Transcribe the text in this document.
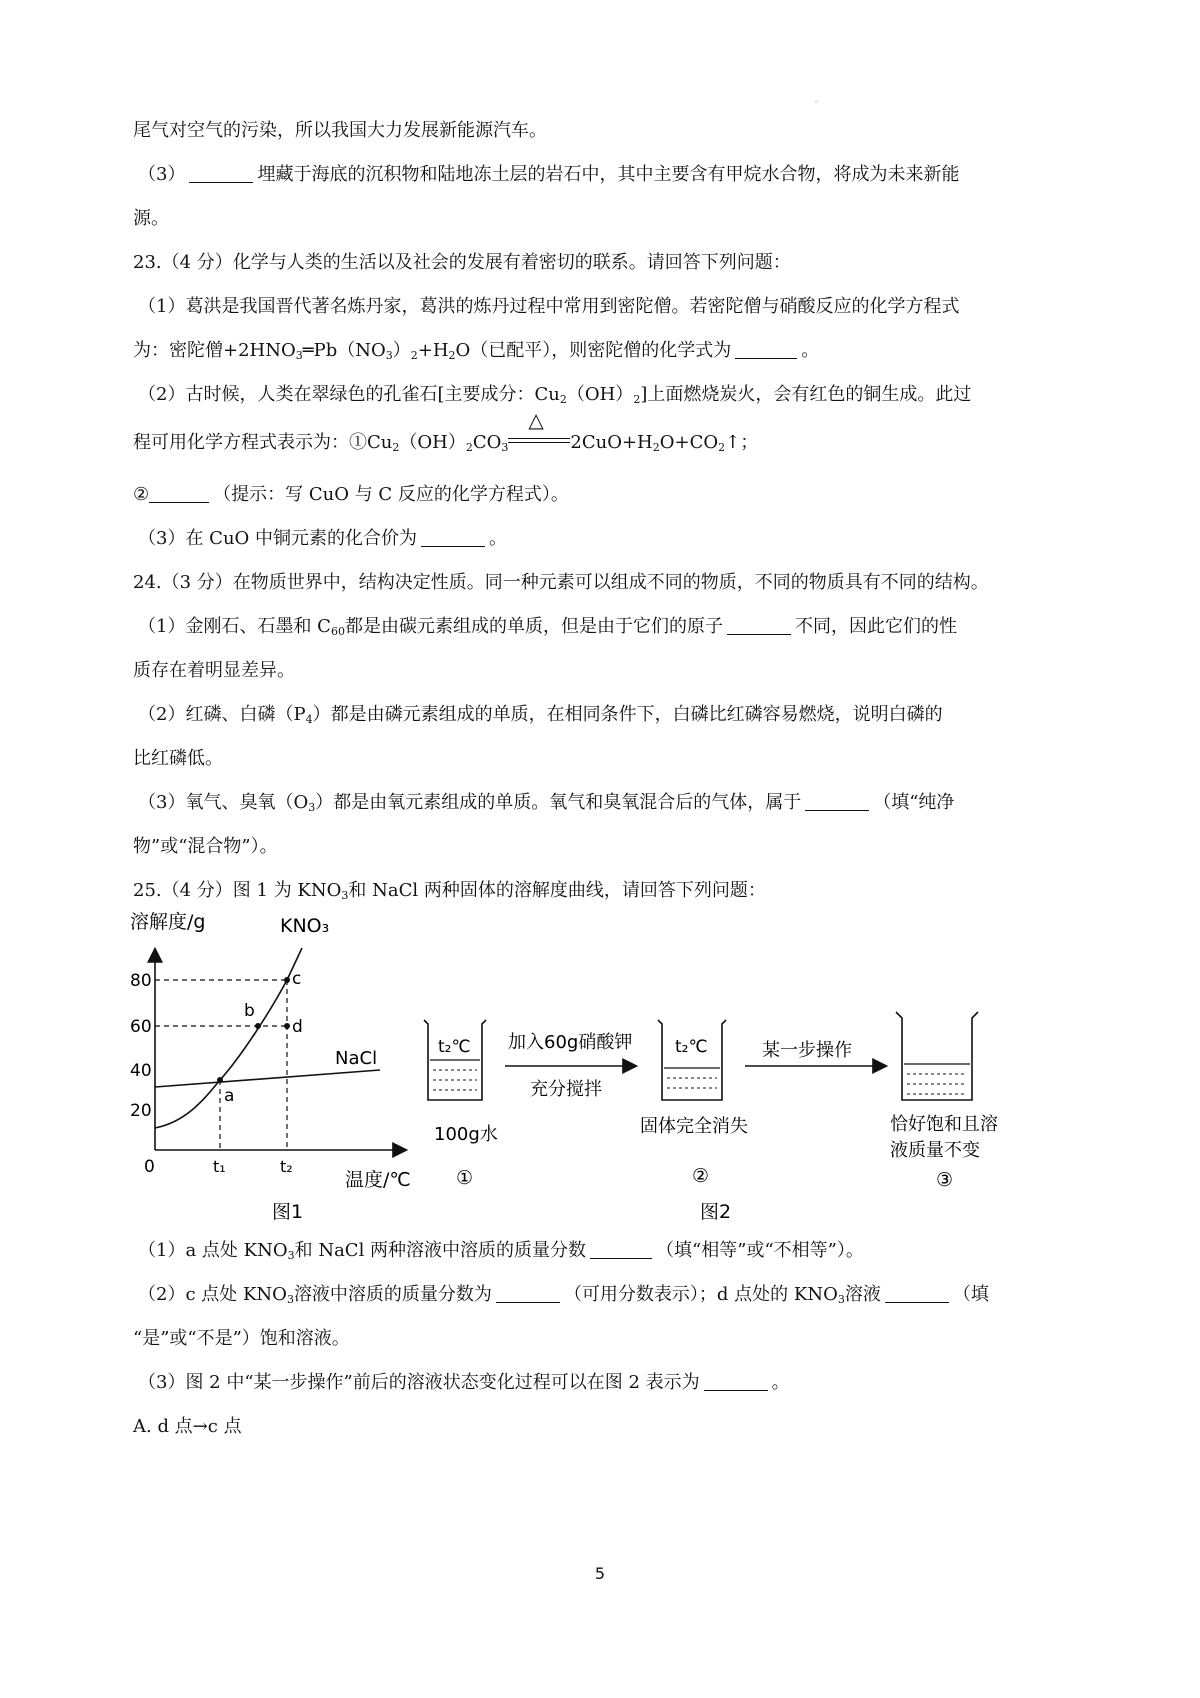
。
尾气对空气的污染，所以我国大力发展新能源汽车。
（3）	埋藏于海底的沉积物和陆地冻土层的岩石中，其中主要含有甲烷水合物，将成为未来新能
源。
23.（4 分）化学与人类的生活以及社会的发展有着密切的联系。请回答下列问题：
（1）葛洪是我国晋代著名炼丹家，葛洪的炼丹过程中常用到密陀僧。若密陀僧与硝酸反应的化学方程式
为：密陀僧$+2HNO_3═Pb(NO_3)_2+H_2O$（已配平），则密陀僧的化学式为	。
（2）古时候，人类在翠绿色的孔雀石[主要成分：$Cu_2(OH)_2$]上面燃烧炭火，会有红色的铜生成。此过
程可用化学方程式表示为：$①Cu_2(OH)_2CO_3$
△
$2CuO+H_2O+CO_2↑$；
②	（提示：写 CuO 与 C 反应的化学方程式）。
（3）在 CuO 中铜元素的化合价为	。
24.（3 分）在物质世界中，结构决定性质。同一种元素可以组成不同的物质，不同的物质具有不同的结构。
（1）金刚石、石墨和 $C_{60}$都是由碳元素组成的单质，但是由于它们的原子	不同，因此它们的性
质存在着明显差异。
（2）红磷、白磷$(P_4)$都是由磷元素组成的单质，在相同条件下，白磷比红磷容易燃烧，说明白磷的
比红磷低。
（3）氧气、臭氧$(O_3)$都是由氧元素组成的单质。氧气和臭氧混合后的气体，属于	（填“纯净
物”或“混合物”）。
25.（4 分）图 1 为 $KNO_3$和 NaCl 两种固体的溶解度曲线，请回答下列问题：
溶解度/g
温度/℃
0
80
60
40
20
t₁	t₂
KNO₃
NaCl
a
b
c
d
图1
t₂℃
100g水
①
加入60g硝酸钾
充分搅拌
t₂℃
固体完全消失
②
图2
某一步操作
恰好饱和且溶
液质量不变
③
（1）a 点处 $KNO_3$和 NaCl 两种溶液中溶质的质量分数	（填“相等”或“不相等”）。
（2）c 点处 $KNO_3$溶液中溶质的质量分数为	（可用分数表示）；d 点处的 $KNO_3$溶液	（填
“是”或“不是”）饱和溶液。
（3）图 2 中“某一步操作”前后的溶液状态变化过程可以在图 2 表示为	。
A. d 点→c 点
5
